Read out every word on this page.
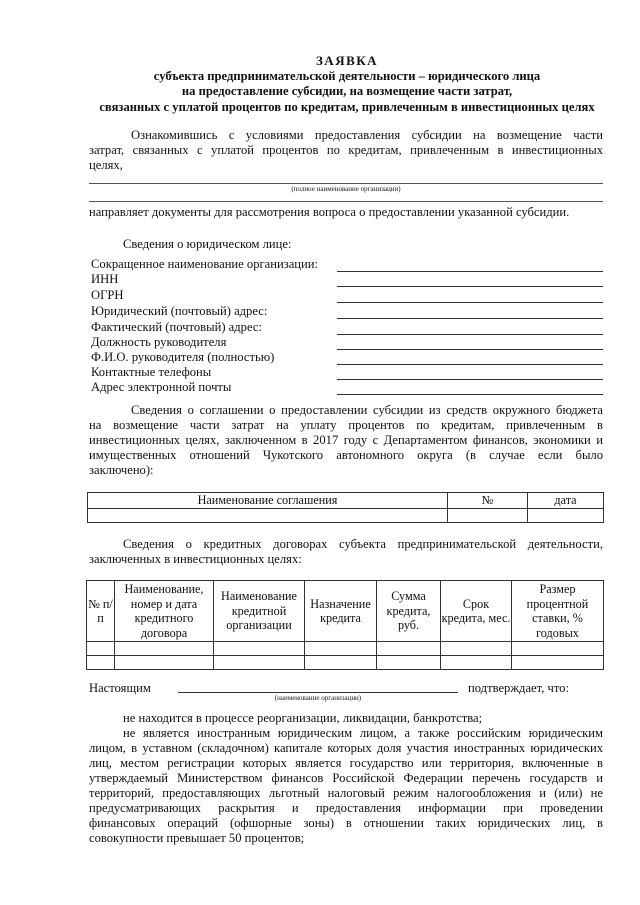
ЗАЯВКА
субъекта предпринимательской деятельности – юридического лица
на предоставление субсидии, на возмещение части затрат,
связанных с уплатой процентов по кредитам, привлеченным в инвестиционных целях
Ознакомившись с условиями предоставления субсидии на возмещение части
затрат, связанных с уплатой процентов по кредитам, привлеченным в инвестиционных
целях,
(полное наименование организации)
направляет документы для рассмотрения вопроса о предоставлении указанной субсидии.
Сведения о юридическом лице:
Сокращенное наименование организации:
ИНН
ОГРН
Юридический (почтовый) адрес:
Фактический (почтовый) адрес:
Должность руководителя
Ф.И.О. руководителя (полностью)
Контактные телефоны
Адрес электронной почты
Сведения о соглашении о предоставлении субсидии из средств окружного бюджета
на возмещение части затрат на уплату процентов по кредитам, привлеченным в
инвестиционных целях, заключенном в 2017 году с Департаментом финансов, экономики и
имущественных отношений Чукотского автономного округа (в случае если было
заключено):
Наименование соглашения	№	дата

Сведения о кредитных договорах субъекта предпринимательской деятельности,
заключенных в инвестиционных целях:
№ п/п	Наименование, номер и дата кредитного договора	Наименование кредитной организации	Назначение кредита	Сумма кредита, руб.	Срок кредита, мес.	Размер процентной ставки, % годовых

Настоящим	подтверждает, что:
(наименование организации)
не находится в процессе реорганизации, ликвидации, банкротства;
не является иностранным юридическим лицом, а также российским юридическим
лицом, в уставном (складочном) капитале которых доля участия иностранных юридических
лиц, местом регистрации которых является государство или территория, включенные в
утверждаемый Министерством финансов Российской Федерации перечень государств и
территорий, предоставляющих льготный налоговый режим налогообложения и (или) не
предусматривающих раскрытия и предоставления информации при проведении
финансовых операций (офшорные зоны) в отношении таких юридических лиц, в
совокупности превышает 50 процентов;
